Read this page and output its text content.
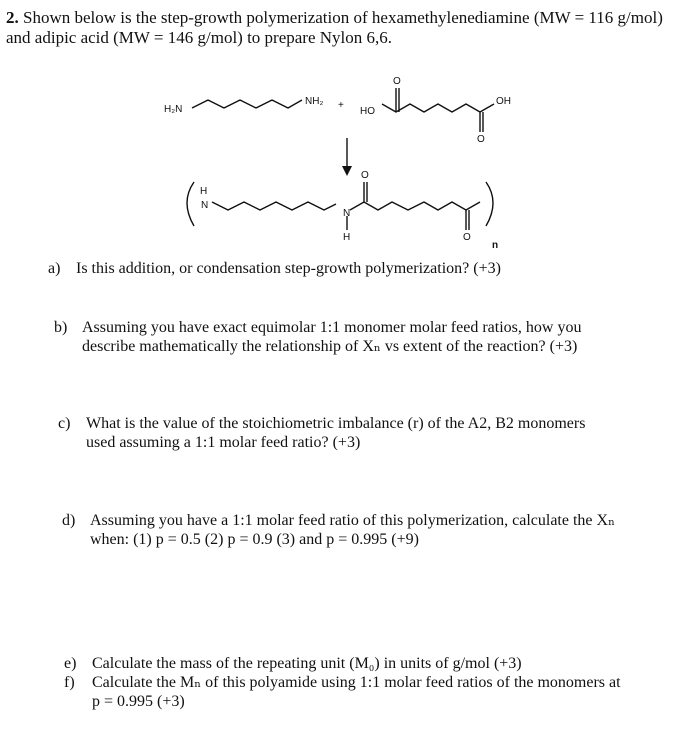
2. Shown below is the step-growth polymerization of hexamethylenediamine (MW = 116 g/mol) and adipic acid (MW = 146 g/mol) to prepare Nylon 6,6.
H₂N
NH₂ +
HO
OH
O
O
H
N
N
H
O
O
n
a) Is this addition, or condensation step-growth polymerization? (+3)
b) Assuming you have exact equimolar 1:1 monomer molar feed ratios, how you
describe mathematically the relationship of Xₙ vs extent of the reaction? (+3)
c) What is the value of the stoichiometric imbalance (r) of the A2, B2 monomers
used assuming a 1:1 molar feed ratio? (+3)
d) Assuming you have a 1:1 molar feed ratio of this polymerization, calculate the Xₙ
when: (1) p = 0.5 (2) p = 0.9 (3) and p = 0.995 (+9)
e) Calculate the mass of the repeating unit (M₀) in units of g/mol (+3)
f) Calculate the Mₙ of this polyamide using 1:1 molar feed ratios of the monomers at
p = 0.995 (+3)
